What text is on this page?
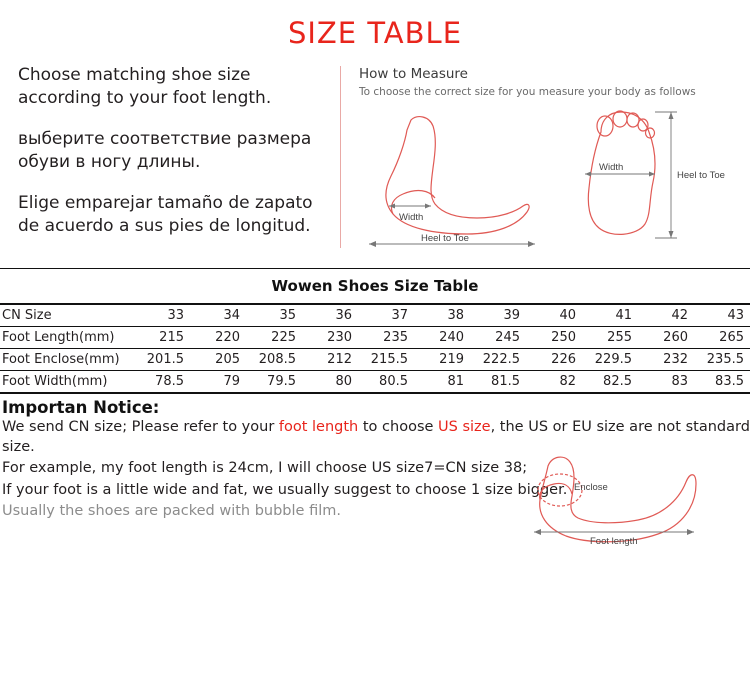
SIZE TABLE

Choose matching shoe size according to your foot length.

выберите соответствие размера обуви в ногу длины.

Elige emparejar tamaño de zapato de acuerdo a sus pies de longitud.

How to Measure
To choose the correct size for you measure your body as follows
Width
Heel to Toe
Width
Heel to Toe
Wowen Shoes Size Table
CN Size	33	34	35	36	37	38	39	40	41	42	43
Foot Length(mm)	215	220	225	230	235	240	245	250	255	260	265
Foot Enclose(mm)	201.5	205	208.5	212	215.5	219	222.5	226	229.5	232	235.5
Foot Width(mm)	78.5	79	79.5	80	80.5	81	81.5	82	82.5	83	83.5
Importan Notice:

We send CN size; Please refer to your foot length to choose US size, the US or EU size are not standard size.

For example, my foot length is 24cm, I will choose US size7=CN size 38;

If your foot is a little wide and fat, we usually suggest to choose 1 size bigger.

Usually the shoes are packed with bubble film.

Enclose
Foot length
